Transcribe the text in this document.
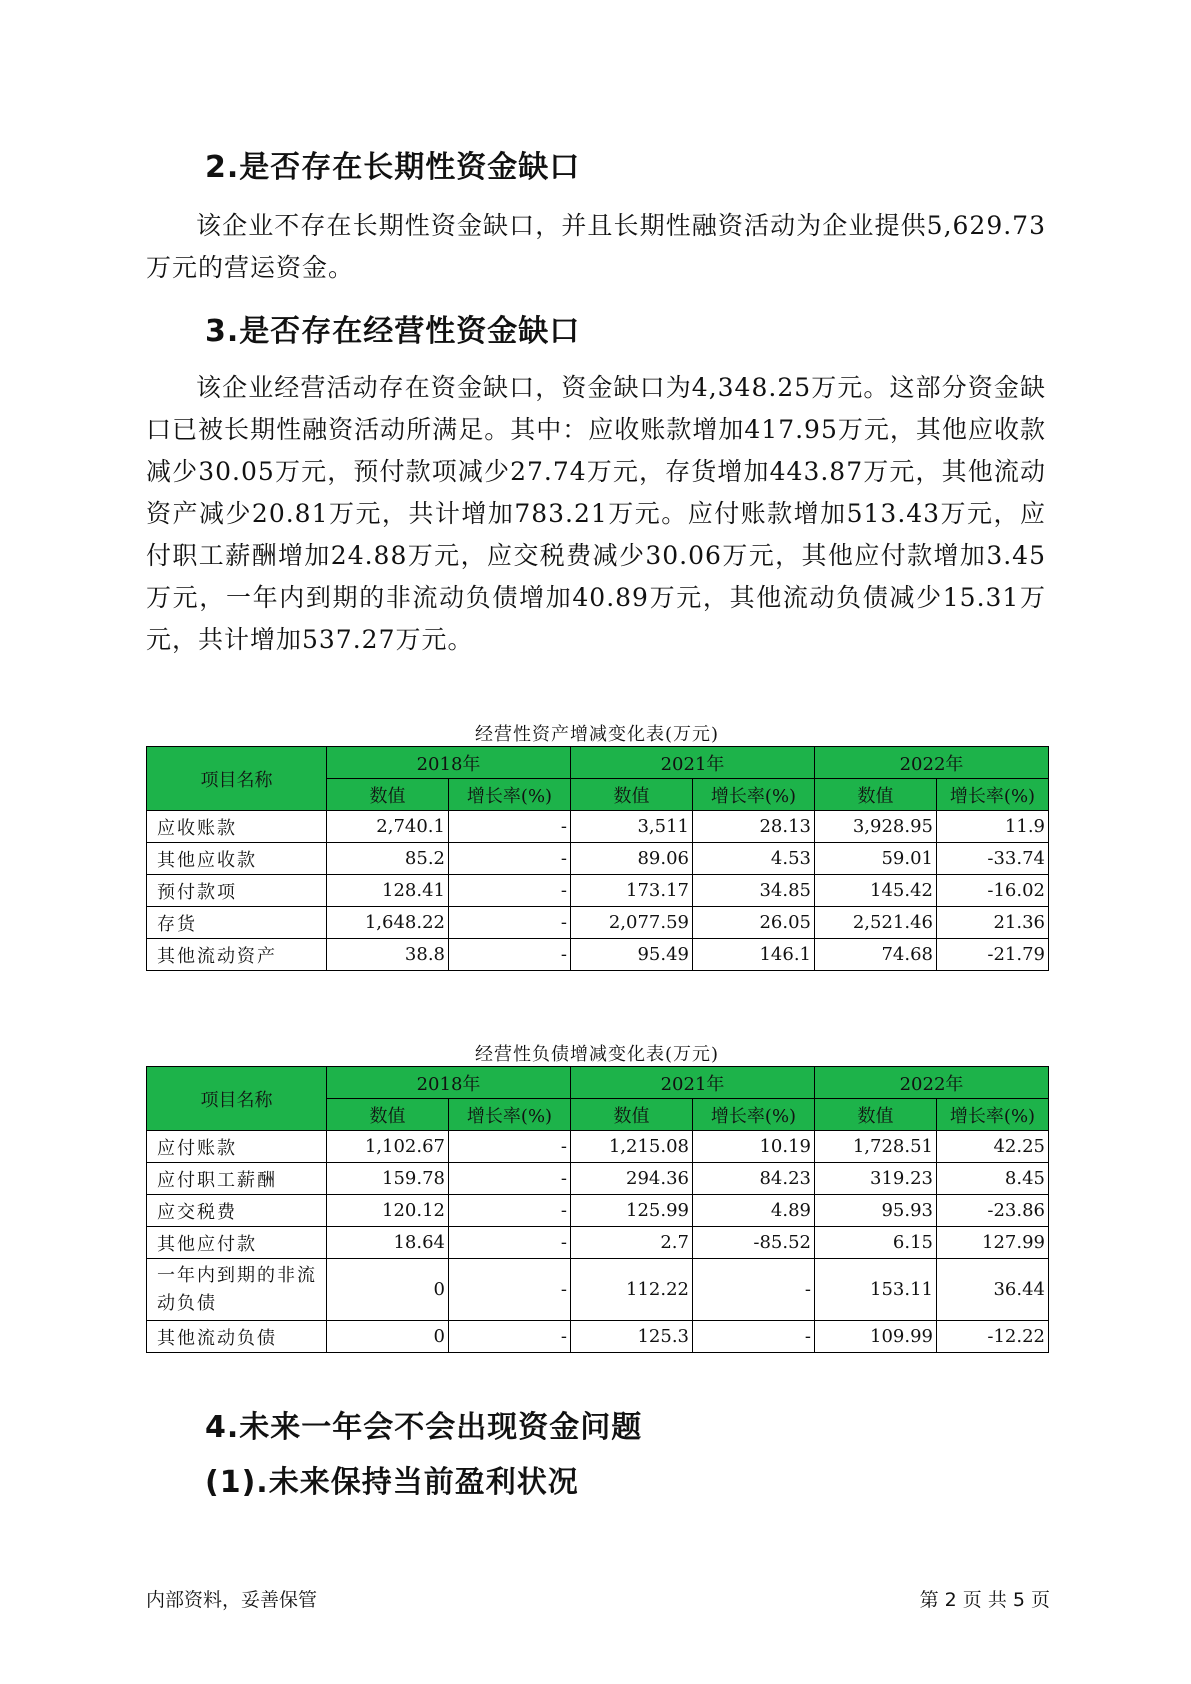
2.是否存在长期性资金缺口

该企业不存在长期性资金缺口，并且长期性融资活动为企业提供5,629.73万元的营运资金。

3.是否存在经营性资金缺口

该企业经营活动存在资金缺口，资金缺口为4,348.25万元。这部分资金缺口已被长期性融资活动所满足。其中：应收账款增加417.95万元，其他应收款减少30.05万元，预付款项减少27.74万元，存货增加443.87万元，其他流动资产减少20.81万元，共计增加783.21万元。应付账款增加513.43万元，应付职工薪酬增加24.88万元，应交税费减少30.06万元，其他应付款增加3.45万元，一年内到期的非流动负债增加40.89万元，其他流动负债减少15.31万元，共计增加537.27万元。

经营性资产增减变化表(万元)
项目名称	2018年		2021年		2022年	
	数值	增长率(%)	数值	增长率(%)	数值	增长率(%)
应收账款	2,740.1	-	3,511	28.13	3,928.95	11.9
其他应收款	85.2	-	89.06	4.53	59.01	-33.74
预付款项	128.41	-	173.17	34.85	145.42	-16.02
存货	1,648.22	-	2,077.59	26.05	2,521.46	21.36
其他流动资产	38.8	-	95.49	146.1	74.68	-21.79
经营性负债增减变化表(万元)
项目名称	2018年		2021年		2022年	
	数值	增长率(%)	数值	增长率(%)	数值	增长率(%)
应付账款	1,102.67	-	1,215.08	10.19	1,728.51	42.25
应付职工薪酬	159.78	-	294.36	84.23	319.23	8.45
应交税费	120.12	-	125.99	4.89	95.93	-23.86
其他应付款	18.64	-	2.7	-85.52	6.15	127.99
一年内到期的非流动负债	0	-	112.22	-	153.11	36.44
其他流动负债	0	-	125.3	-	109.99	-12.22
4.未来一年会不会出现资金问题
(1).未来保持当前盈利状况
内部资料，妥善保管	第 2 页 共 5 页
